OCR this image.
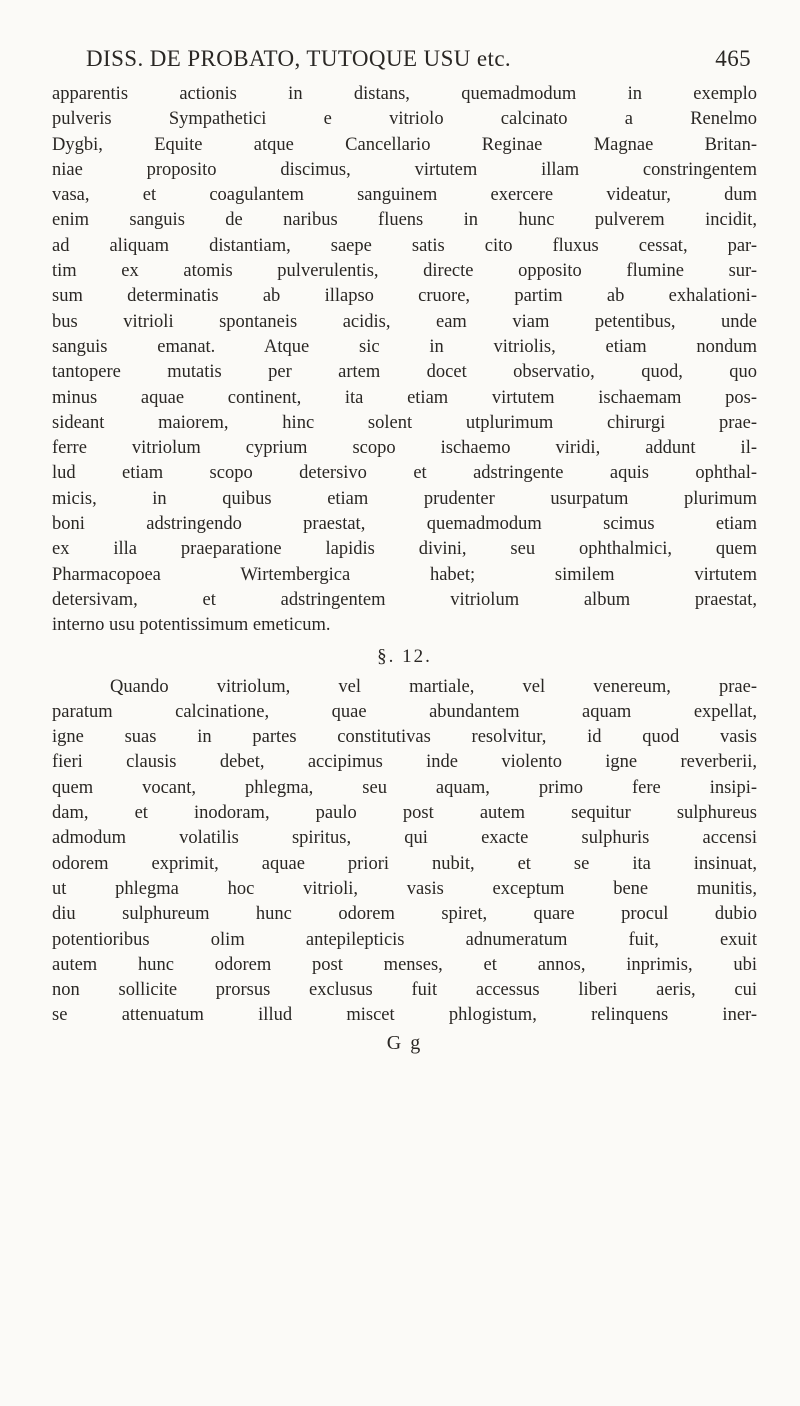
DISS. DE PROBATO, TUTOQUE USU etc.	465
apparentis actionis in distans, quemadmodum in exemplo
pulveris Sympathetici e vitriolo calcinato a Renelmo
Dygbi, Equite atque Cancellario Reginae Magnae Britan-
niae proposito discimus, virtutem illam constringentem
vasa, et coagulantem sanguinem exercere videatur, dum
enim sanguis de naribus fluens in hunc pulverem incidit,
ad aliquam distantiam, saepe satis cito fluxus cessat, par-
tim ex atomis pulverulentis, directe opposito flumine sur-
sum determinatis ab illapso cruore, partim ab exhalationi-
bus vitrioli spontaneis acidis, eam viam petentibus, unde
sanguis emanat. Atque sic in vitriolis, etiam nondum
tantopere mutatis per artem docet observatio, quod, quo
minus aquae continent, ita etiam virtutem ischaemam pos-
sideant maiorem, hinc solent utplurimum chirurgi prae-
ferre vitriolum cyprium scopo ischaemo viridi, addunt il-
lud etiam scopo detersivo et adstringente aquis ophthal-
micis, in quibus etiam prudenter usurpatum plurimum
boni adstringendo praestat, quemadmodum scimus etiam
ex illa praeparatione lapidis divini, seu ophthalmici, quem
Pharmacopoea Wirtembergica habet; similem virtutem
detersivam, et adstringentem vitriolum album praestat,
interno usu potentissimum emeticum.
§. 12.
Quando vitriolum, vel martiale, vel venereum, prae-
paratum calcinatione, quae abundantem aquam expellat,
igne suas in partes constitutivas resolvitur, id quod vasis
fieri clausis debet, accipimus inde violento igne reverberii,
quem vocant, phlegma, seu aquam, primo fere insipi-
dam, et inodoram, paulo post autem sequitur sulphureus
admodum volatilis spiritus, qui exacte sulphuris accensi
odorem exprimit, aquae priori nubit, et se ita insinuat,
ut phlegma hoc vitrioli, vasis exceptum bene munitis,
diu sulphureum hunc odorem spiret, quare procul dubio
potentioribus olim antepilepticis adnumeratum fuit, exuit
autem hunc odorem post menses, et annos, inprimis, ubi
non sollicite prorsus exclusus fuit accessus liberi aeris, cui
se attenuatum illud miscet phlogistum, relinquens iner-
G g
